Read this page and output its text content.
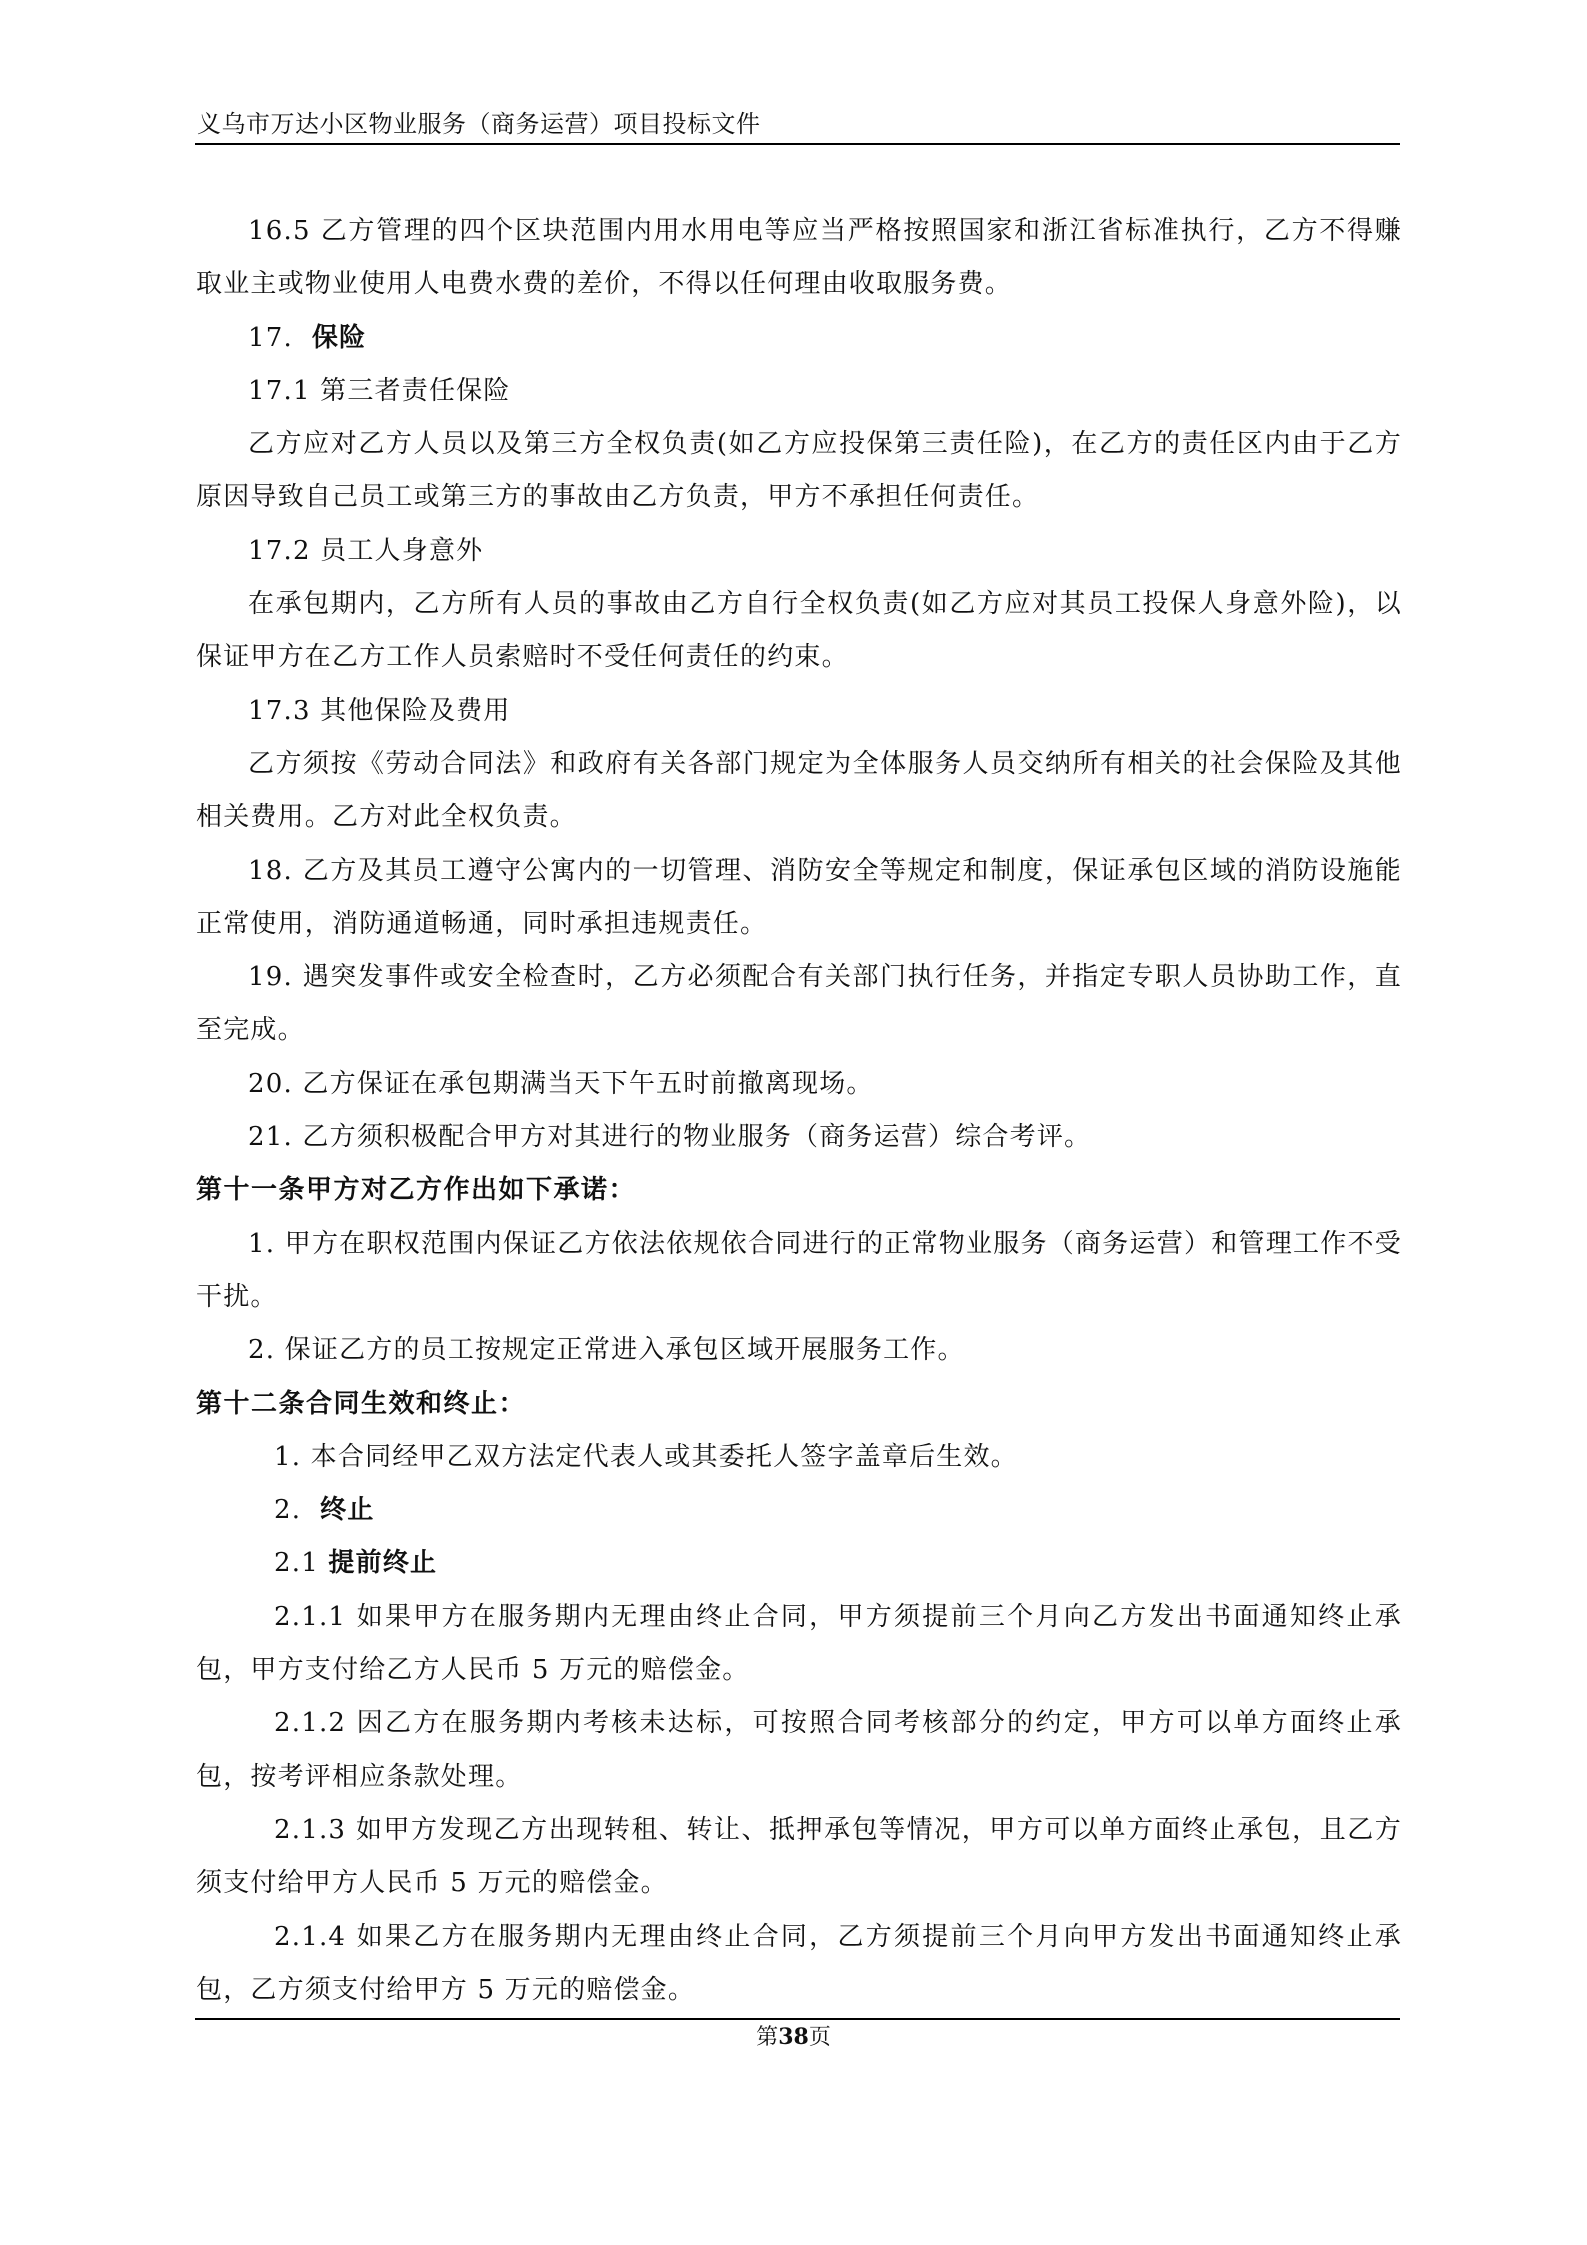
义乌市万达小区物业服务（商务运营）项目投标文件

16.5 乙方管理的四个区块范围内用水用电等应当严格按照国家和浙江省标准执行，乙方不得赚取业主或物业使用人电费水费的差价，不得以任何理由收取服务费。

17. 保险

17.1 第三者责任保险

乙方应对乙方人员以及第三方全权负责(如乙方应投保第三责任险)，在乙方的责任区内由于乙方原因导致自己员工或第三方的事故由乙方负责，甲方不承担任何责任。

17.2 员工人身意外

在承包期内，乙方所有人员的事故由乙方自行全权负责(如乙方应对其员工投保人身意外险)，以保证甲方在乙方工作人员索赔时不受任何责任的约束。

17.3 其他保险及费用

乙方须按《劳动合同法》和政府有关各部门规定为全体服务人员交纳所有相关的社会保险及其他相关费用。乙方对此全权负责。

18. 乙方及其员工遵守公寓内的一切管理、消防安全等规定和制度，保证承包区域的消防设施能正常使用，消防通道畅通，同时承担违规责任。

19. 遇突发事件或安全检查时，乙方必须配合有关部门执行任务，并指定专职人员协助工作，直至完成。

20. 乙方保证在承包期满当天下午五时前撤离现场。

21. 乙方须积极配合甲方对其进行的物业服务（商务运营）综合考评。

第十一条甲方对乙方作出如下承诺：

1. 甲方在职权范围内保证乙方依法依规依合同进行的正常物业服务（商务运营）和管理工作不受干扰。

2. 保证乙方的员工按规定正常进入承包区域开展服务工作。

第十二条合同生效和终止：

1. 本合同经甲乙双方法定代表人或其委托人签字盖章后生效。

2. 终止

2.1 提前终止

2.1.1 如果甲方在服务期内无理由终止合同，甲方须提前三个月向乙方发出书面通知终止承包，甲方支付给乙方人民币 5 万元的赔偿金。

2.1.2 因乙方在服务期内考核未达标，可按照合同考核部分的约定，甲方可以单方面终止承包，按考评相应条款处理。

2.1.3 如甲方发现乙方出现转租、转让、抵押承包等情况，甲方可以单方面终止承包，且乙方须支付给甲方人民币 5 万元的赔偿金。

2.1.4 如果乙方在服务期内无理由终止合同，乙方须提前三个月向甲方发出书面通知终止承包，乙方须支付给甲方 5 万元的赔偿金。

第38页
